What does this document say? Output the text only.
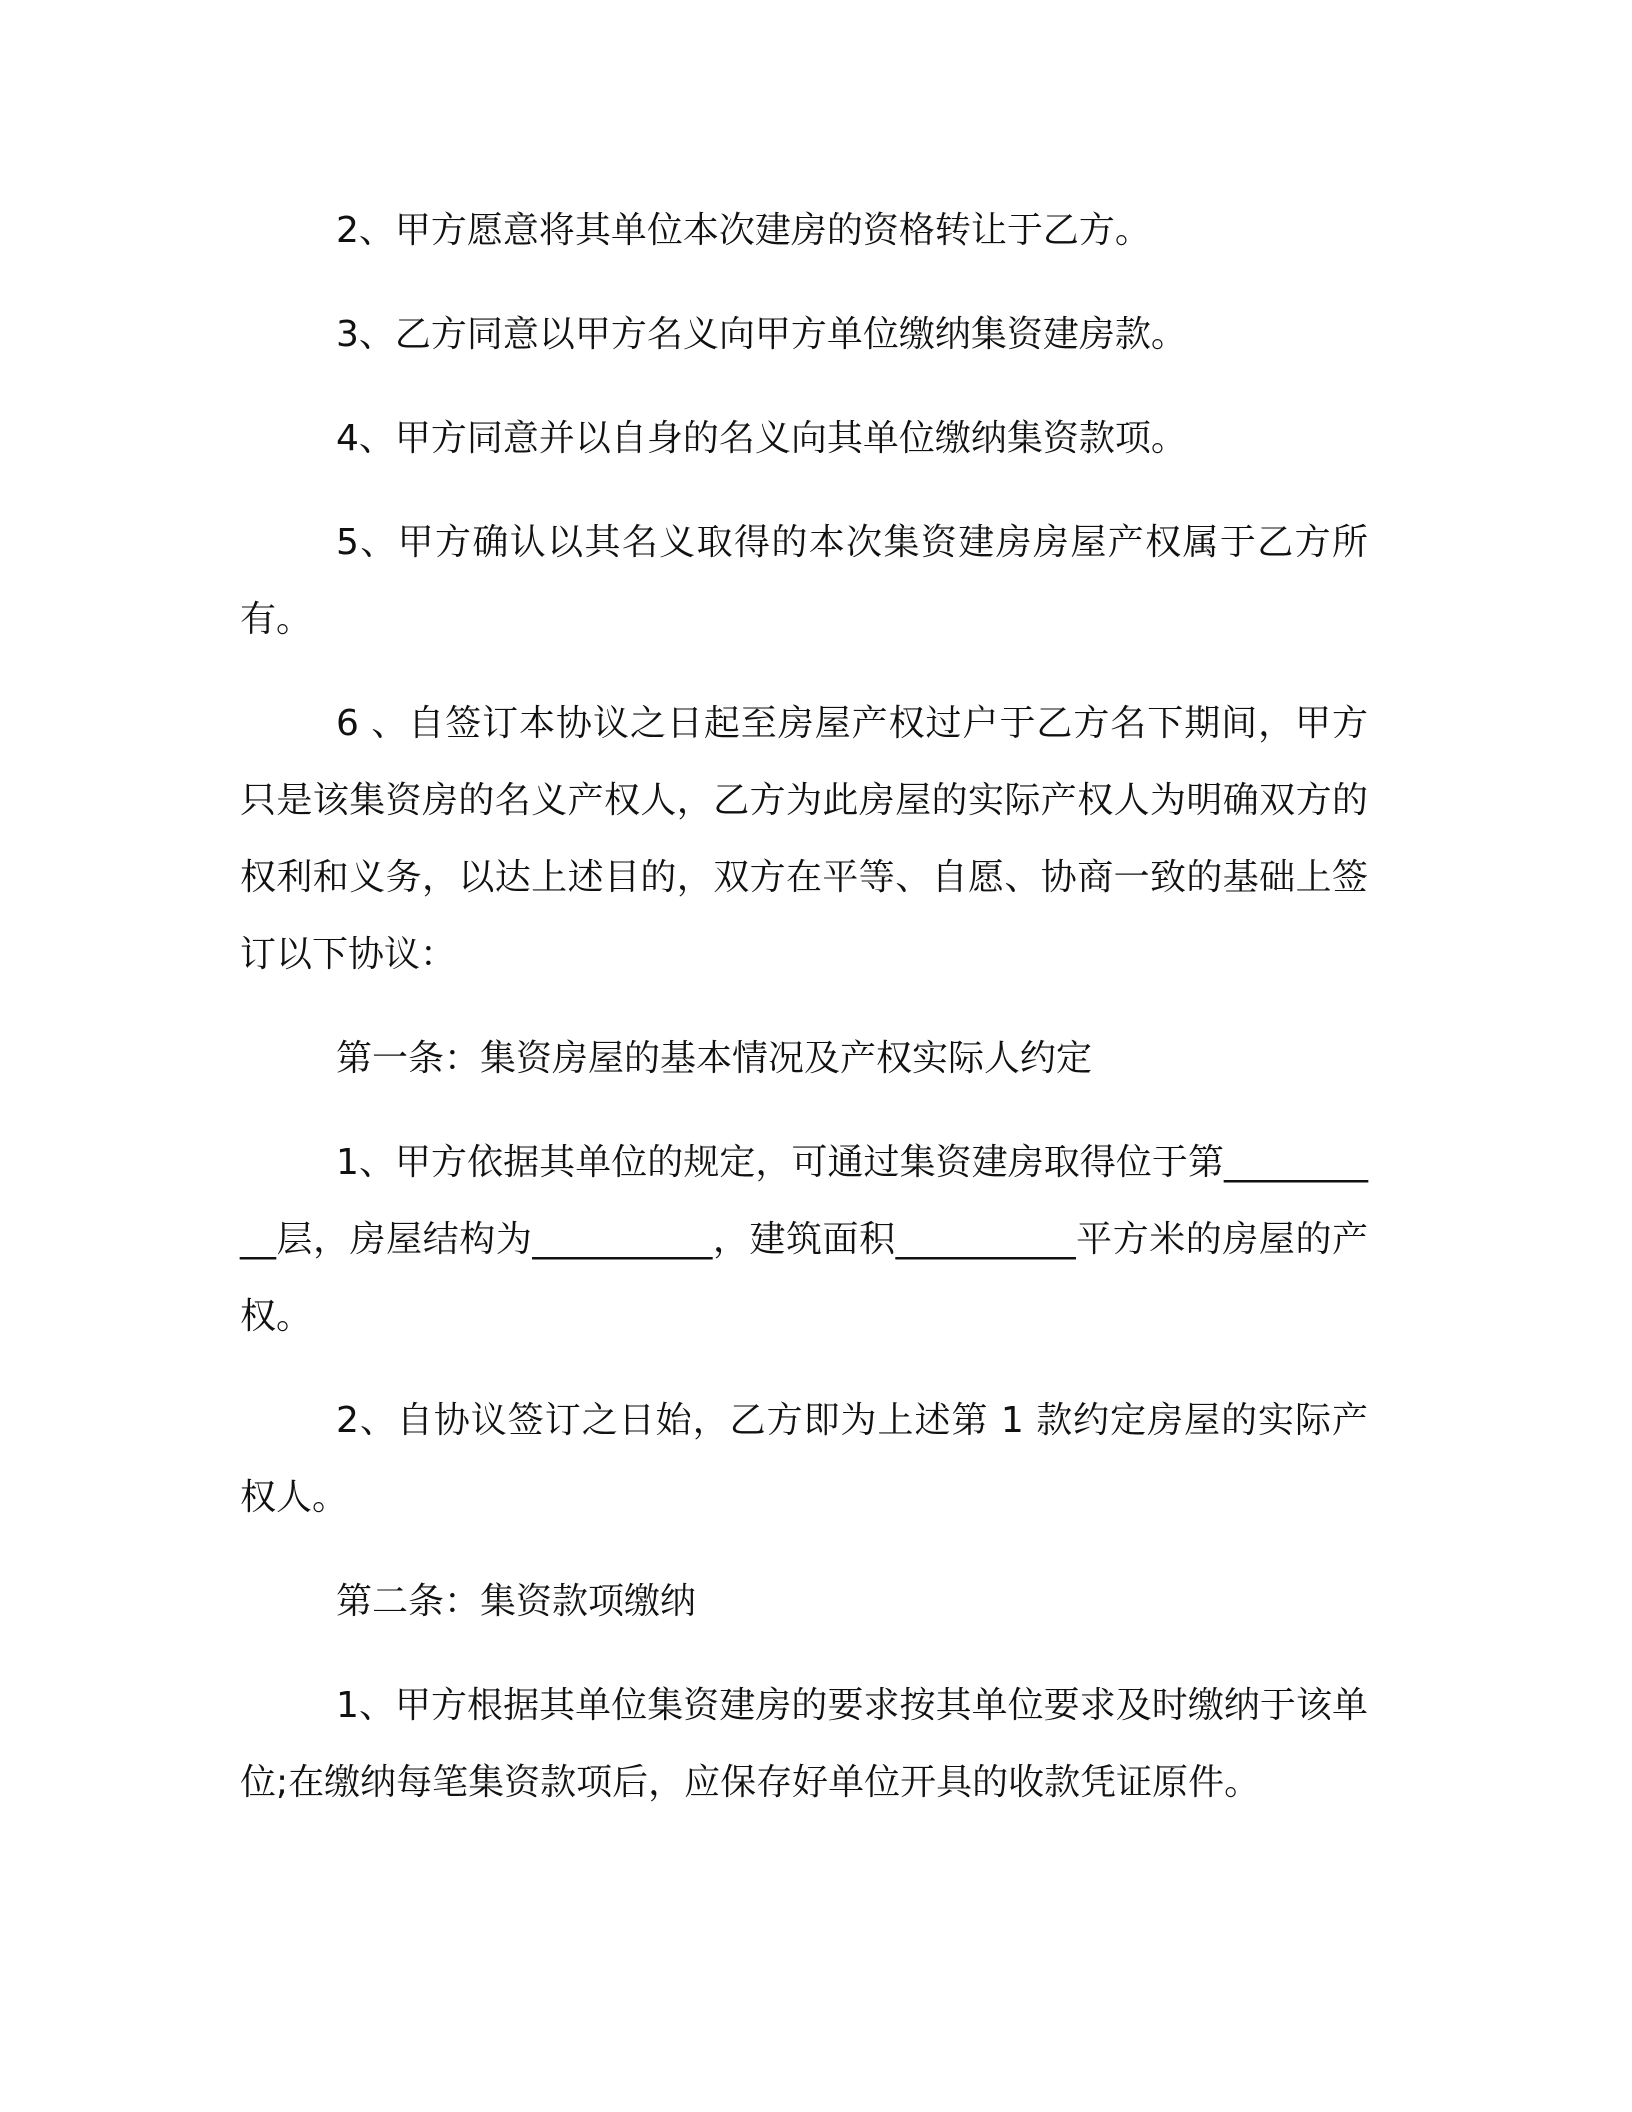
2、甲方愿意将其单位本次建房的资格转让于乙方。

3、乙方同意以甲方名义向甲方单位缴纳集资建房款。

4、甲方同意并以自身的名义向其单位缴纳集资款项。

5、甲方确认以其名义取得的本次集资建房房屋产权属于乙方所有。

6 、自签订本协议之日起至房屋产权过户于乙方名下期间，甲方只是该集资房的名义产权人，乙方为此房屋的实际产权人为明确双方的权利和义务，以达上述目的，双方在平等、自愿、协商一致的基础上签订以下协议：

第一条：集资房屋的基本情况及产权实际人约定

1、甲方依据其单位的规定，可通过集资建房取得位于第__________层，房屋结构为__________，建筑面积__________平方米的房屋的产权。

2、自协议签订之日始，乙方即为上述第 1 款约定房屋的实际产权人。

第二条：集资款项缴纳

1、甲方根据其单位集资建房的要求按其单位要求及时缴纳于该单位;在缴纳每笔集资款项后，应保存好单位开具的收款凭证原件。
